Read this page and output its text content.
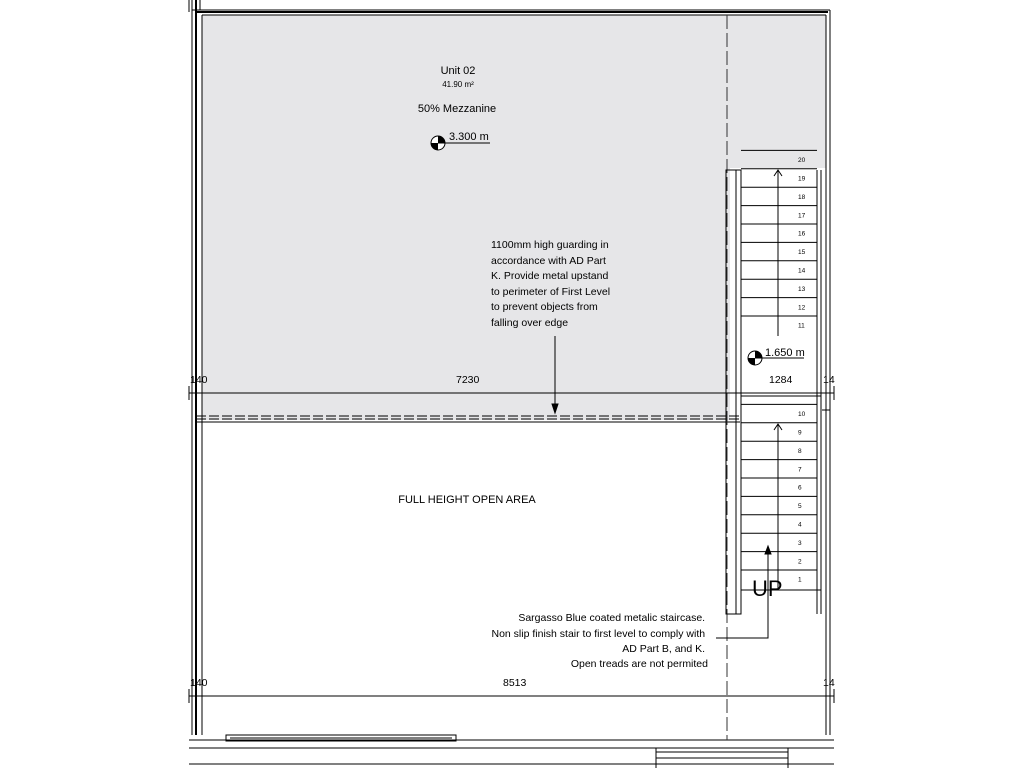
1
2
3
4
5
6
7
8
9
10
11
12
13
14
15
16
17
18
19
20
UP
140	7230	1284	14
140	8513	14
Unit 02
41.90 m²
50% Mezzanine
FULL HEIGHT OPEN AREA
3.300 m
1.650 m
1100mm high guarding in accordance with AD Part K. Provide metal upstand to perimeter of First Level to prevent objects from falling over edge
Sargasso Blue coated metalic staircase. Non slip finish stair to first level to comply with AD Part B, and K. Open treads are not permited
